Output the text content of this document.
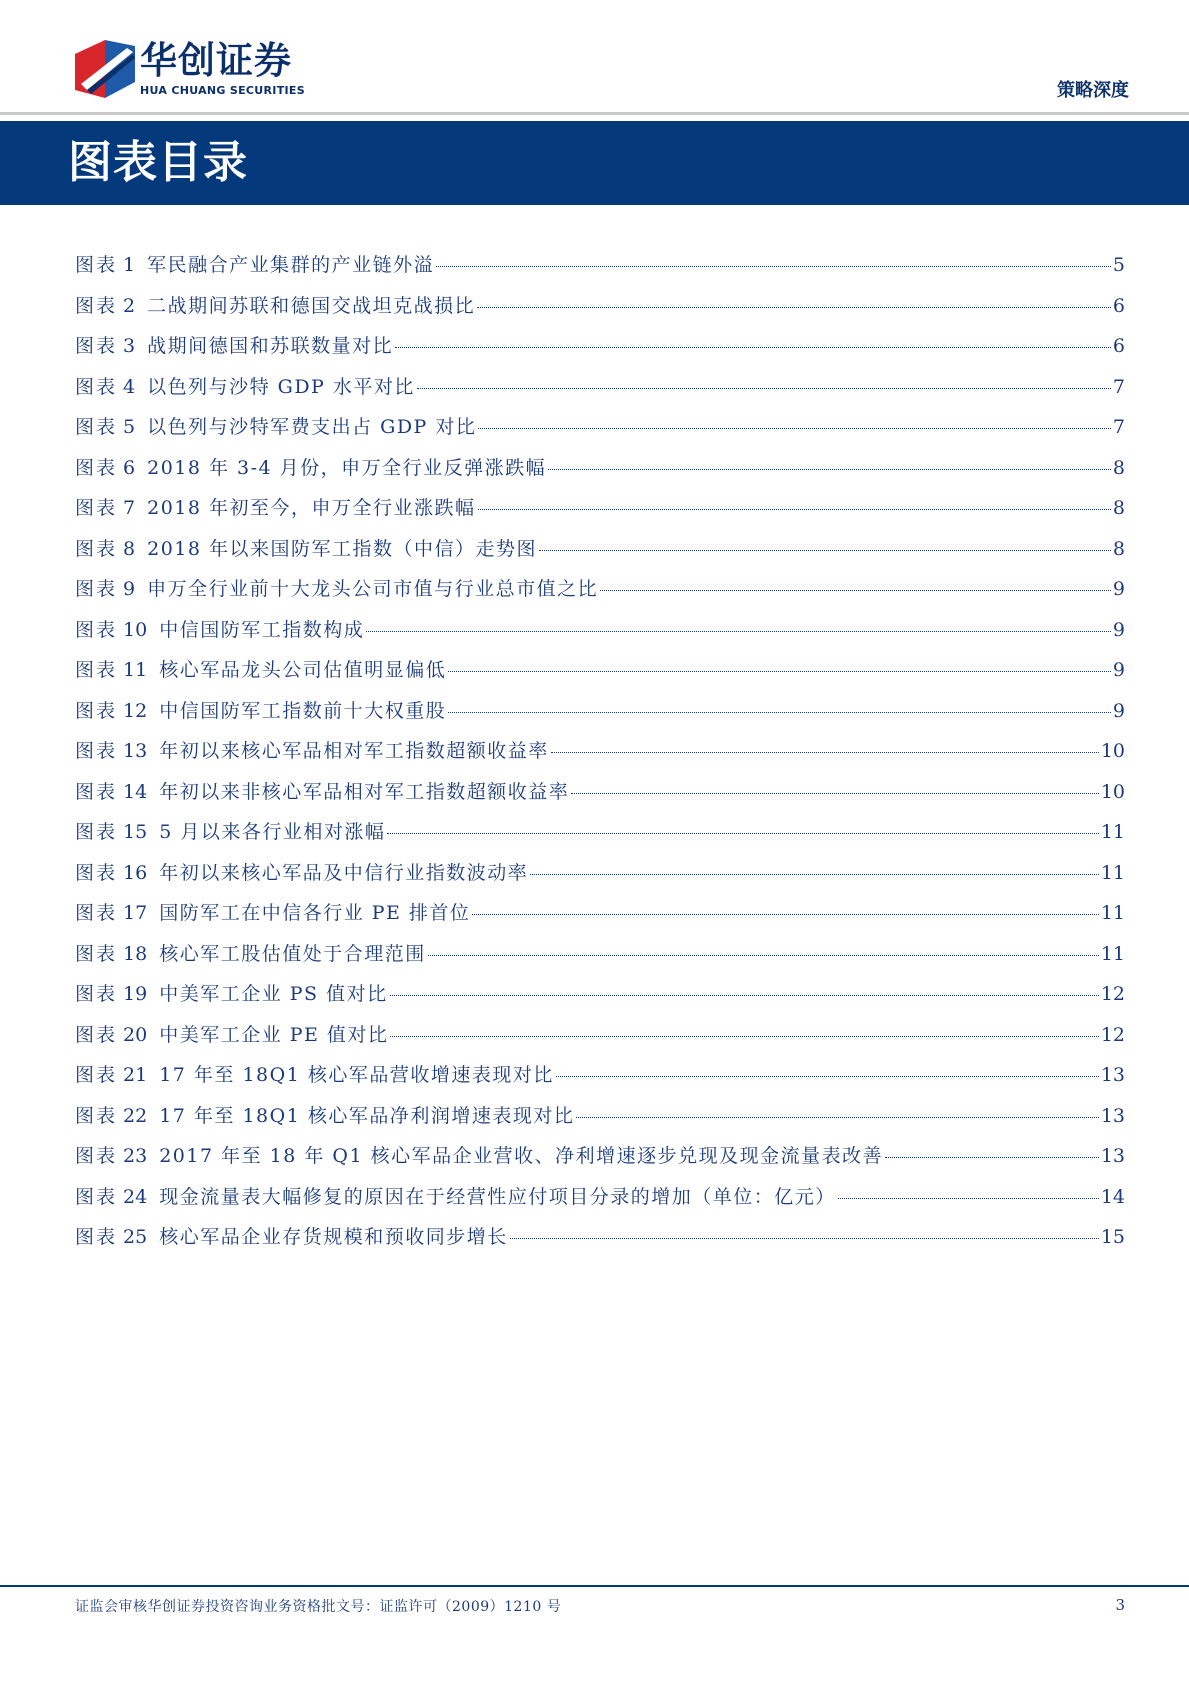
华创证券
HUA CHUANG SECURITIES	策略深度
图表目录
图表 1 军民融合产业集群的产业链外溢	5
图表 2 二战期间苏联和德国交战坦克战损比	6
图表 3 战期间德国和苏联数量对比	6
图表 4 以色列与沙特 GDP 水平对比	7
图表 5 以色列与沙特军费支出占 GDP 对比	7
图表 6 2018 年 3-4 月份，申万全行业反弹涨跌幅	8
图表 7 2018 年初至今，申万全行业涨跌幅	8
图表 8 2018 年以来国防军工指数（中信）走势图	8
图表 9 申万全行业前十大龙头公司市值与行业总市值之比	9
图表 10 中信国防军工指数构成	9
图表 11 核心军品龙头公司估值明显偏低	9
图表 12 中信国防军工指数前十大权重股	9
图表 13 年初以来核心军品相对军工指数超额收益率	10
图表 14 年初以来非核心军品相对军工指数超额收益率	10
图表 15 5 月以来各行业相对涨幅	11
图表 16 年初以来核心军品及中信行业指数波动率	11
图表 17 国防军工在中信各行业 PE 排首位	11
图表 18 核心军工股估值处于合理范围	11
图表 19 中美军工企业 PS 值对比	12
图表 20 中美军工企业 PE 值对比	12
图表 21 17 年至 18Q1 核心军品营收增速表现对比	13
图表 22 17 年至 18Q1 核心军品净利润增速表现对比	13
图表 23 2017 年至 18 年 Q1 核心军品企业营收、净利增速逐步兑现及现金流量表改善	13
图表 24 现金流量表大幅修复的原因在于经营性应付项目分录的增加（单位：亿元）	14
图表 25 核心军品企业存货规模和预收同步增长	15
证监会审核华创证券投资咨询业务资格批文号：证监许可（2009）1210 号	3
